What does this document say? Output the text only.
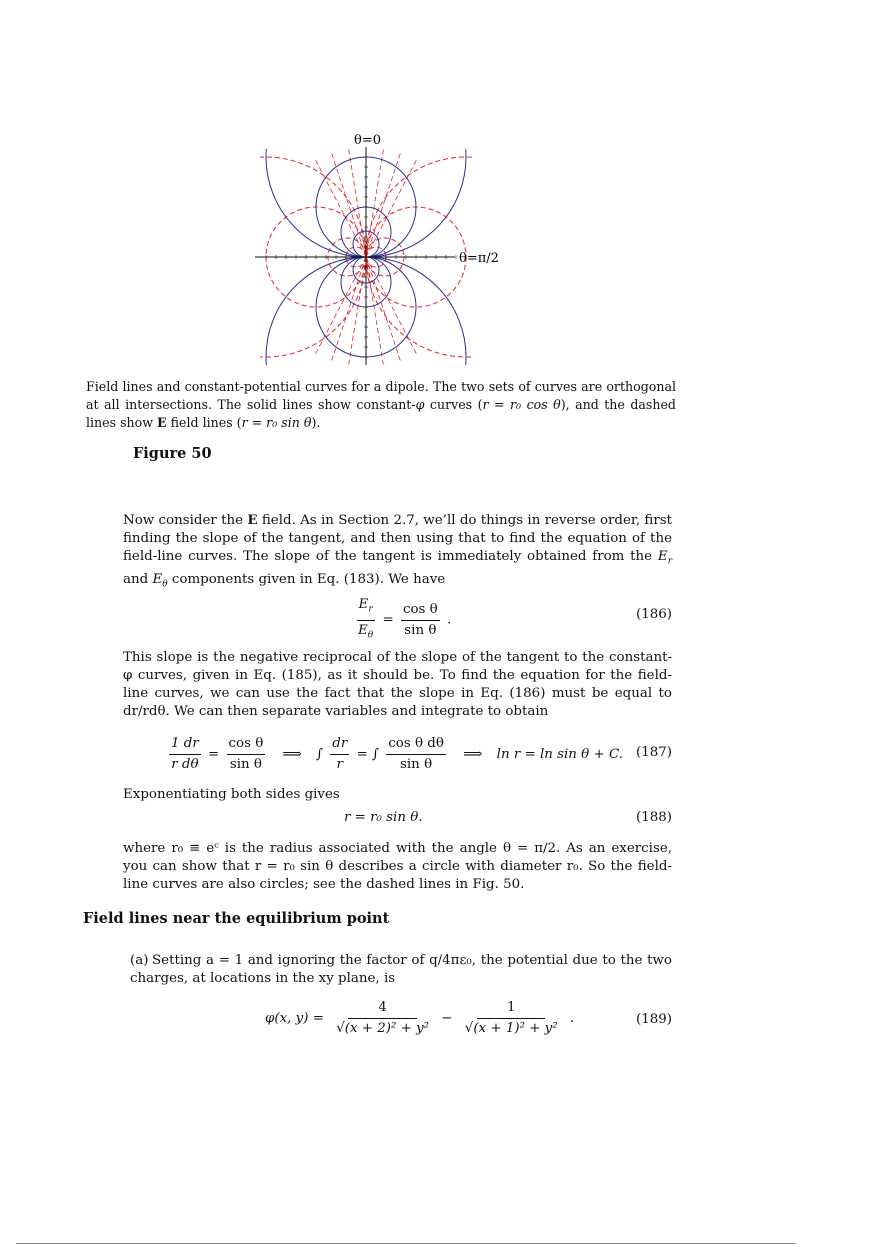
θ=0
θ=π/2
Field lines and constant-potential curves for a dipole. The two sets of curves are orthogonal at all intersections. The solid lines show constant-φ curves (r = r₀ cos θ), and the dashed lines show E field lines (r = r₀ sin θ).
Figure 50
Now consider the E field. As in Section 2.7, we’ll do things in reverse order, first finding the slope of the tangent, and then using that to find the equation of the field-line curves. The slope of the tangent is immediately obtained from the $E_r$ and $E_\theta$ components given in Eq. (183). We have
$\frac{E_r}{E_\theta} = \frac{\text{cos θ}}{\text{sin θ}}$ .	(186)
This slope is the negative reciprocal of the slope of the tangent to the constant-φ curves, given in Eq. (185), as it should be. To find the equation for the field-line curves, we can use the fact that the slope in Eq. (186) must be equal to dr/rdθ. We can then separate variables and integrate to obtain
$\frac{1 dr}{\text{r dθ}} = \frac{\text{cos θ}}{\text{sin θ}}$ ⟹ ∫ $\frac{dr}{r}$ = ∫ $\frac{\text{cos θ dθ}}{\text{sin θ}}$ ⟹ ln r = ln sin θ + C. (187)
Exponentiating both sides gives
r = r₀ sin θ.	(188)
where r₀ ≡ eᶜ is the radius associated with the angle θ = π/2. As an exercise, you can show that r = r₀ sin θ describes a circle with diameter r₀. So the field-line curves are also circles; see the dashed lines in Fig. 50.
Field lines near the equilibrium point
(a) Setting a = 1 and ignoring the factor of q/4πε₀, the potential due to the two charges, at locations in the xy plane, is
φ(x, $y) = \frac{4}{\text{√(x + 2)² + y²}} - \frac{1}{\text{√(x + 1)² + y²}}$ .	(189)
